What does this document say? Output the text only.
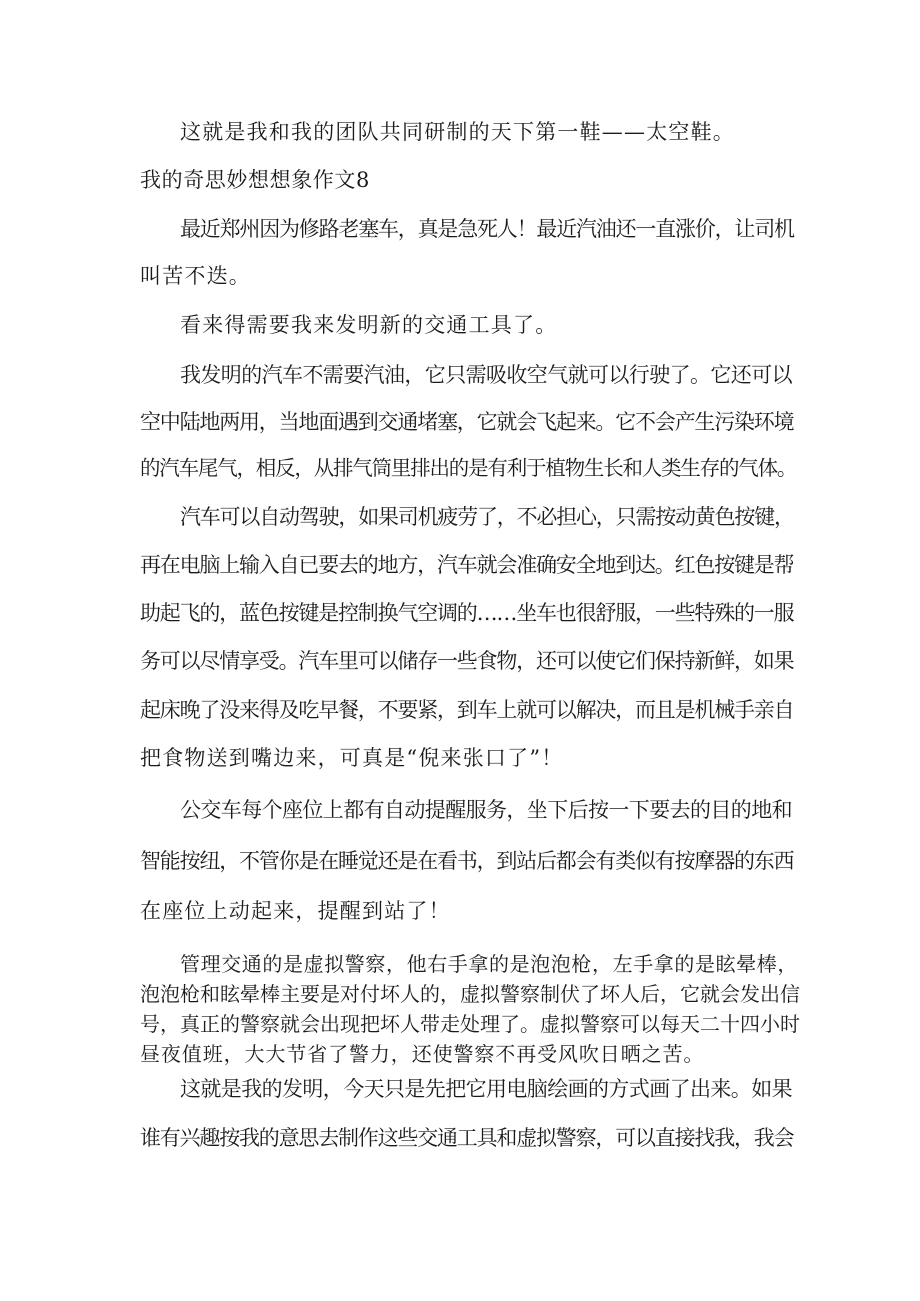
这就是我和我的团队共同研制的天下第一鞋——太空鞋。
我的奇思妙想想象作文8
最近郑州因为修路老塞车，真是急死人！最近汽油还一直涨价，让司机
叫苦不迭。
看来得需要我来发明新的交通工具了。
我发明的汽车不需要汽油，它只需吸收空气就可以行驶了。它还可以
空中陆地两用，当地面遇到交通堵塞，它就会飞起来。它不会产生污染环境
的汽车尾气，相反，从排气筒里排出的是有利于植物生长和人类生存的气体。
汽车可以自动驾驶，如果司机疲劳了，不必担心，只需按动黄色按键，
再在电脑上输入自已要去的地方，汽车就会准确安全地到达。红色按键是帮
助起飞的，蓝色按键是控制换气空调的……坐车也很舒服，一些特殊的一服
务可以尽情享受。汽车里可以储存一些食物，还可以使它们保持新鲜，如果
起床晚了没来得及吃早餐，不要紧，到车上就可以解决，而且是机械手亲自
把食物送到嘴边来，可真是“倪来张口了”！
公交车每个座位上都有自动提醒服务，坐下后按一下要去的目的地和
智能按纽，不管你是在睡觉还是在看书，到站后都会有类似有按摩器的东西
在座位上动起来，提醒到站了！
管理交通的是虚拟警察，他右手拿的是泡泡枪，左手拿的是眩晕棒，
泡泡枪和眩晕棒主要是对付坏人的，虚拟警察制伏了坏人后，它就会发出信
号，真正的警察就会出现把坏人带走处理了。虚拟警察可以每天二十四小时
昼夜值班，大大节省了警力，还使警察不再受风吹日晒之苦。
这就是我的发明，今天只是先把它用电脑绘画的方式画了出来。如果
谁有兴趣按我的意思去制作这些交通工具和虚拟警察，可以直接找我，我会
